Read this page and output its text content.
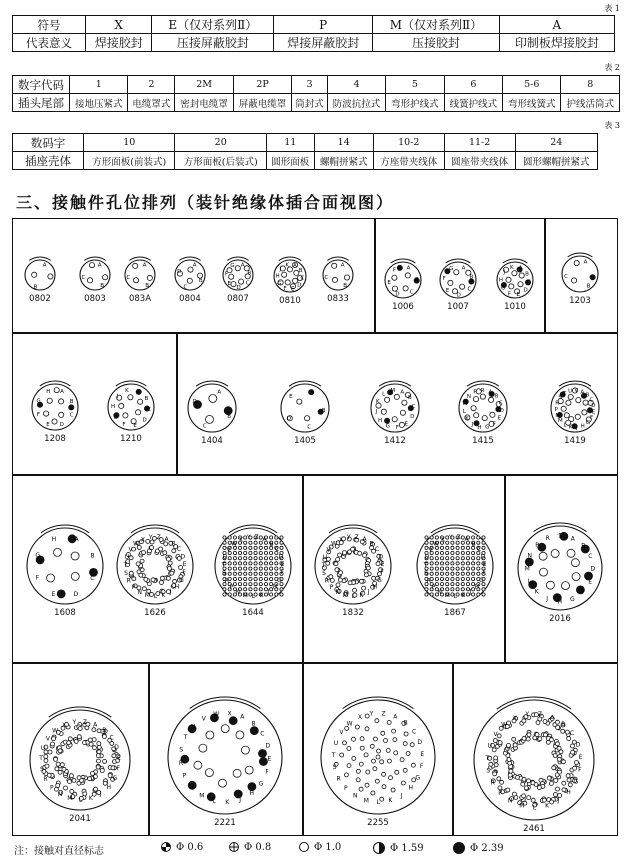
表 1
符号	X	E（仅对系列Ⅱ）	P	M（仅对系列Ⅱ）	A
代表意义	焊接胶封	压接屏蔽胶封	焊接屏蔽胶封	压接胶封	印制板焊接胶封
表 2
数字代码	1	2	2M	2P	3	4	5	6	5-6	8
插头尾部	接地压紧式	电缆罩式	密封电缆罩	屏蔽电缆罩	筒封式	防波抗拉式	弯形护线式	线簧护线式	弯形线簧式	护线活筒式
表 3
数码字	10	20	11	14	10-2	11-2	24
插座壳体	方形面板(前装式)	方形面板(后装式)	圆形面板	螺帽拼紧式	方座带夹线体	圆座带夹线体	圆形螺帽拼紧式
三、接触件孔位排列（装针绝缘体插合面视图）
A
B
0802
A
B
C
0803
A
B
C
083A
A
B
C
D
0804
A
B
C
D
E
F
G
0807
A
B
C
D
E
F
G
H
J
K
0810
A
B
C
0833
A
B
C
D
E
F
1006
A
B
C
D
E
F
G
1007
A
B
C
D
E
F
G
H
J
K
1010
A
B
C
1203
A
B
C
D
E
F
G
H
1208
A
B
C
D
E
F
G
H
J
K
1210
A
B
C
D
1404
A
B
C
D
E
1405
A
B
C
D
E
F
G
H
J
K
L
M
1412
A
B
C
D
E
F
G
H
J
K
L
M
N
P R
1415
A
B
C
D
E
F
G
H
J
K
L
M
N
P
R
S
T U V
1419
A
B
C
D
E
F
G
H
1608
A
B
C
D
E
F
G
H
J
K
L
M
N
P
R
S
T
U
V
W
X Y Z
1626
A
B
C
D
E
F
G
H
J
K
L
M
N
P
R
S
T
U
V
W
X Y Z
1644
A
B
C
D
E
F
G
H
J
K
L
M
N
P
R
S
T
U
V
W
X Y Z
1832
A
B
C
D
E
F
G
H
J
K
L
M
N
P
R
S
T
U
V
W
X Y Z
1867
A
B
C
D
E
F
G
H
J
K
L
M
N
P
R S
2016
A
B
C
D
E
F
G
H
J
K
L
M
N
P
R
S
T
U
V
W
X Y Z
2041
A
B
C
D
E
F
G
H
J
K
L
M
N
P
R
S
T
U
V
W X
2221
A
B
C
D
E
F
G
H
J
K
L
M
N
P
R
S
T
U
V
W
X Y Z
2255
A
B
C
D
E
F
G
H
J
K
L
M
N
P
R
S
T
U
V
W
X
Y Z
2461
注：接触对直径标志	Φ 0.6	Φ 0.8	Φ 1.0	Φ 1.59	Φ 2.39
